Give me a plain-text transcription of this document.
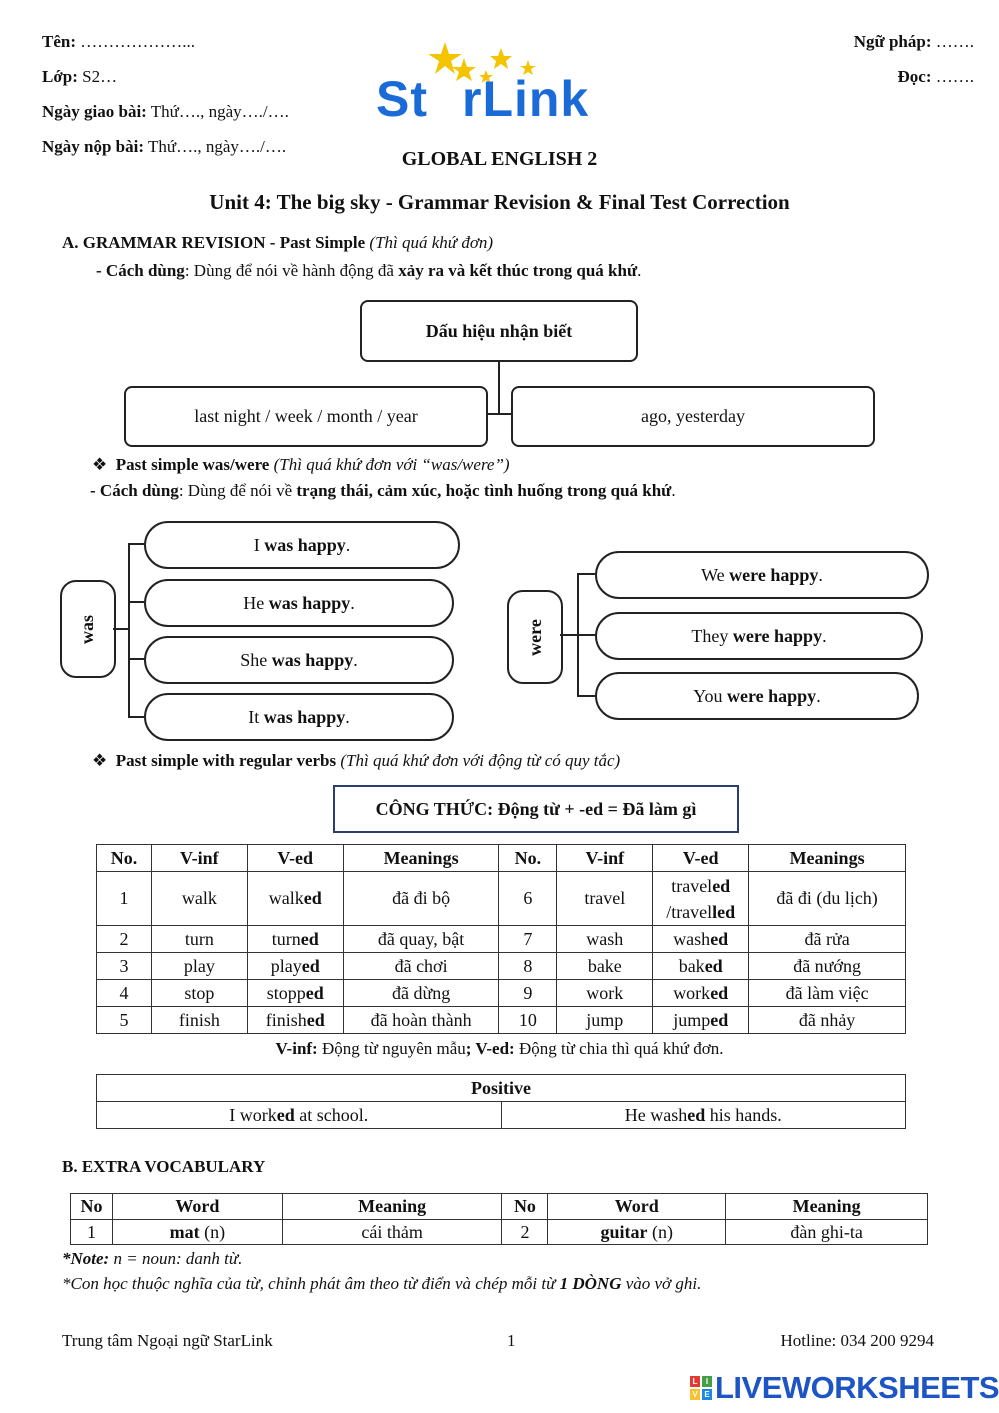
Tên: ………………...
Lớp: S2…
Ngày giao bài: Thứ…., ngày…./….
Ngày nộp bài: Thứ…., ngày…./….
Ngữ pháp: …….
Đọc: …….
St rLink
GLOBAL ENGLISH 2
Unit 4: The big sky - Grammar Revision & Final Test Correction
A. GRAMMAR REVISION - Past Simple (Thì quá khứ đơn)
- Cách dùng: Dùng để nói về hành động đã xảy ra và kết thúc trong quá khứ.
Dấu hiệu nhận biết
last night / week / month / year	ago, yesterday
❖ Past simple was/were (Thì quá khứ đơn với “was/were”)
- Cách dùng: Dùng để nói về trạng thái, cảm xúc, hoặc tình huống trong quá khứ.
was
I
was happy .
He
was happy .
She
was happy .
It
was happy .
were
We
were happy .
They
were happy .
You
were happy .
❖ Past simple with regular verbs (Thì quá khứ đơn với động từ có quy tắc)
CÔNG THỨC: Động từ + -ed = Đã làm gì
No.	V-inf	V-ed	Meanings	No.	V-inf	V-ed	Meanings
1	walk	walked	đã đi bộ	6	travel	traveled
/travelled	đã đi (du lịch)
2	turn	turned	đã quay, bật	7	wash	washed	đã rửa
3	play	played	đã chơi	8	bake	baked	đã nướng
4	stop	stopped	đã dừng	9	work	worked	đã làm việc
5	finish	finished	đã hoàn thành	10	jump	jumped	đã nhảy
V-inf: Động từ nguyên mẫu; V-ed: Động từ chia thì quá khứ đơn.
Positive
I worked at school.	He washed his hands.
B. EXTRA VOCABULARY
No	Word	Meaning	No	Word	Meaning
1	mat (n)	cái thảm	2	guitar (n)	đàn ghi-ta
*Note: n = noun: danh từ.
*Con học thuộc nghĩa của từ, chỉnh phát âm theo từ điển và chép mỗi từ 1 DÒNG vào vở ghi.
Trung tâm Ngoại ngữ StarLink	1	Hotline: 034 200 9294
L	I
V E LIVEWORKSHEETS
